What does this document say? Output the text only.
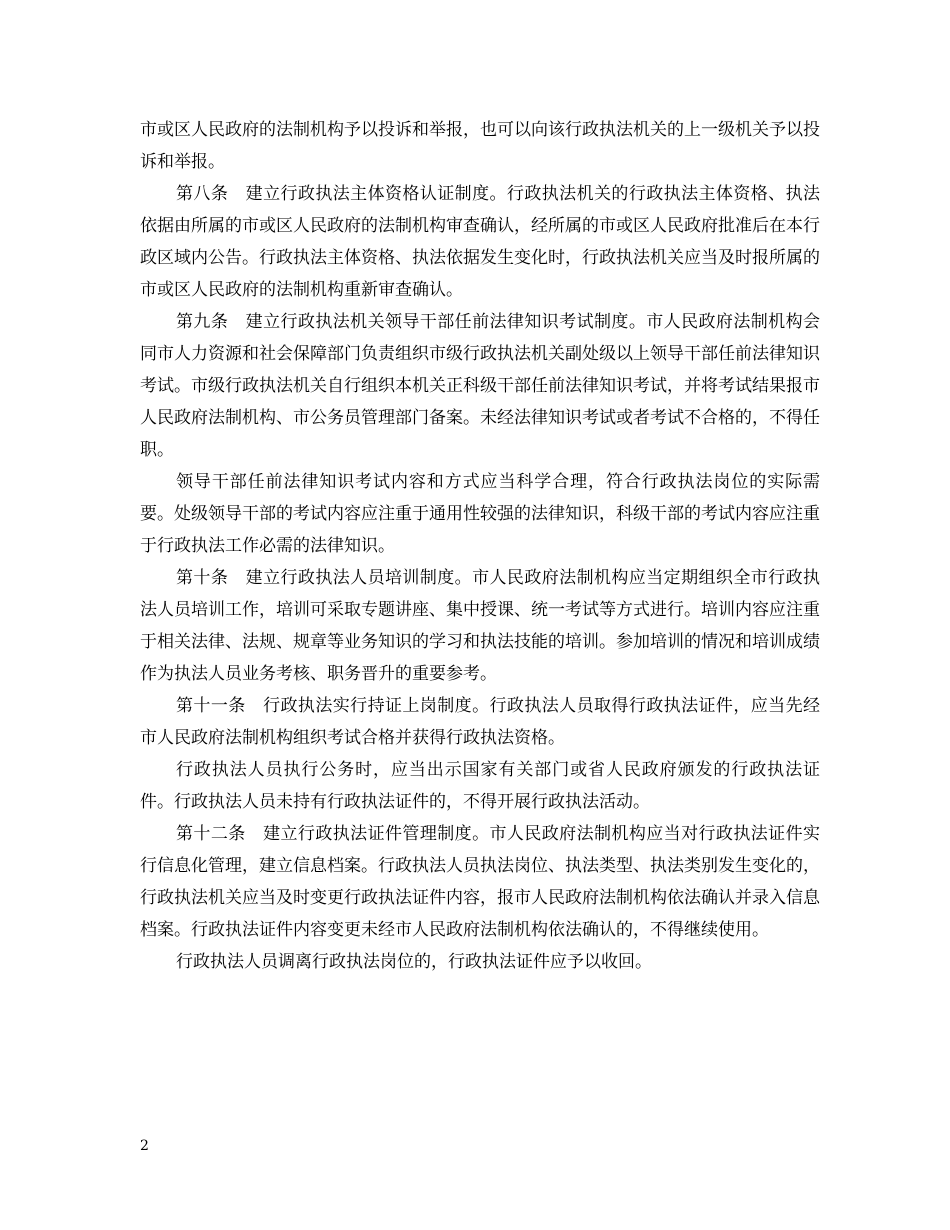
市或区人民政府的法制机构予以投诉和举报，也可以向该行政执法机关的上一级机关予以投诉和举报。

第八条　建立行政执法主体资格认证制度。行政执法机关的行政执法主体资格、执法依据由所属的市或区人民政府的法制机构审查确认，经所属的市或区人民政府批准后在本行政区域内公告。行政执法主体资格、执法依据发生变化时，行政执法机关应当及时报所属的市或区人民政府的法制机构重新审查确认。

第九条　建立行政执法机关领导干部任前法律知识考试制度。市人民政府法制机构会同市人力资源和社会保障部门负责组织市级行政执法机关副处级以上领导干部任前法律知识考试。市级行政执法机关自行组织本机关正科级干部任前法律知识考试，并将考试结果报市人民政府法制机构、市公务员管理部门备案。未经法律知识考试或者考试不合格的，不得任职。

领导干部任前法律知识考试内容和方式应当科学合理，符合行政执法岗位的实际需要。处级领导干部的考试内容应注重于通用性较强的法律知识，科级干部的考试内容应注重于行政执法工作必需的法律知识。

第十条　建立行政执法人员培训制度。市人民政府法制机构应当定期组织全市行政执法人员培训工作，培训可采取专题讲座、集中授课、统一考试等方式进行。培训内容应注重于相关法律、法规、规章等业务知识的学习和执法技能的培训。参加培训的情况和培训成绩作为执法人员业务考核、职务晋升的重要参考。

第十一条　行政执法实行持证上岗制度。行政执法人员取得行政执法证件，应当先经市人民政府法制机构组织考试合格并获得行政执法资格。

行政执法人员执行公务时，应当出示国家有关部门或省人民政府颁发的行政执法证件。行政执法人员未持有行政执法证件的，不得开展行政执法活动。

第十二条　建立行政执法证件管理制度。市人民政府法制机构应当对行政执法证件实行信息化管理，建立信息档案。行政执法人员执法岗位、执法类型、执法类别发生变化的，行政执法机关应当及时变更行政执法证件内容，报市人民政府法制机构依法确认并录入信息档案。行政执法证件内容变更未经市人民政府法制机构依法确认的，不得继续使用。

行政执法人员调离行政执法岗位的，行政执法证件应予以收回。

2
